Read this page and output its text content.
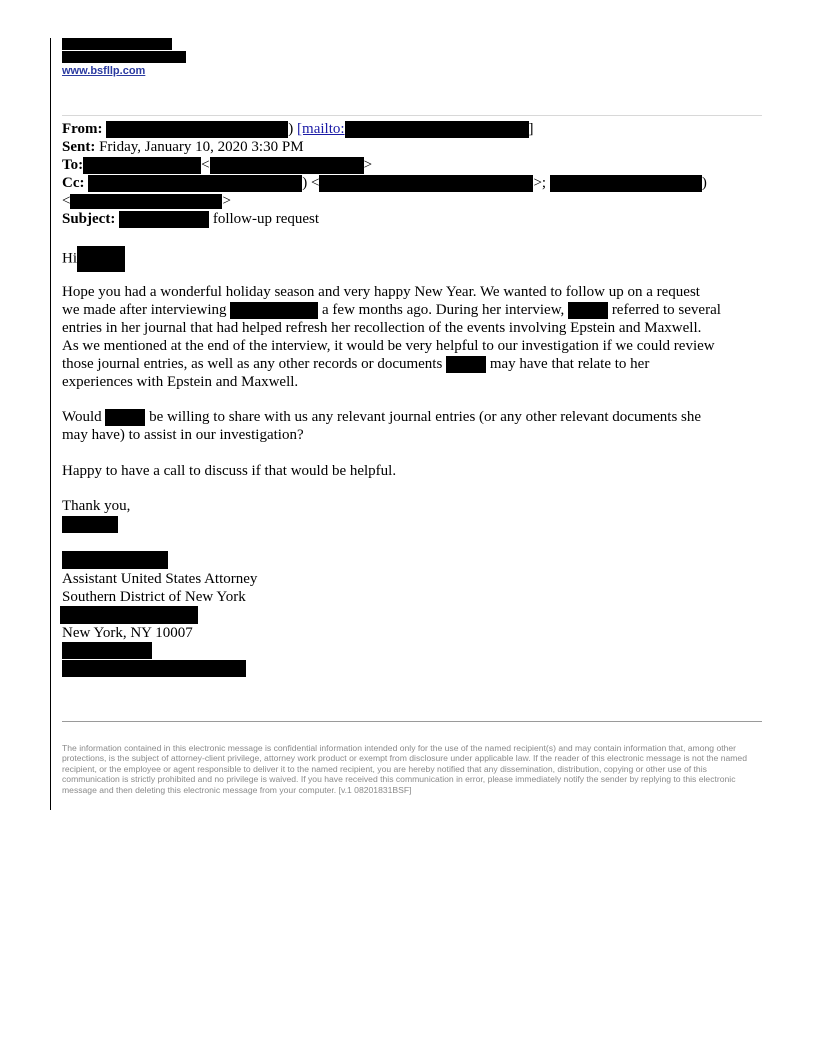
www.bsfllp.com
From:	) [mailto:	]
Sent: Friday, January 10, 2020 3:30 PM
To:	<	>
Cc:	) <	>;	)
<	>
Subject:	follow-up request
Hi
Hope you had a wonderful holiday season and very happy New Year. We wanted to follow up on a request
we made after interviewing	a few months ago. During her interview,	referred to several
entries in her journal that had helped refresh her recollection of the events involving Epstein and Maxwell.
As we mentioned at the end of the interview, it would be very helpful to our investigation if we could review
those journal entries, as well as any other records or documents	may have that relate to her
experiences with Epstein and Maxwell.
Would	be willing to share with us any relevant journal entries (or any other relevant documents she
may have) to assist in our investigation?
Happy to have a call to discuss if that would be helpful.
Thank you,
Assistant United States Attorney
Southern District of New York
New York, NY 10007
The information contained in this electronic message is confidential information intended only for the use of the named recipient(s) and may contain information that, among other protections, is the subject of attorney-client privilege, attorney work product or exempt from disclosure under applicable law. If the reader of this electronic message is not the named recipient, or the employee or agent responsible to deliver it to the named recipient, you are hereby notified that any dissemination, distribution, copying or other use of this communication is strictly prohibited and no privilege is waived. If you have received this communication in error, please immediately notify the sender by replying to this electronic message and then deleting this electronic message from your computer. [v.1 08201831BSF]
